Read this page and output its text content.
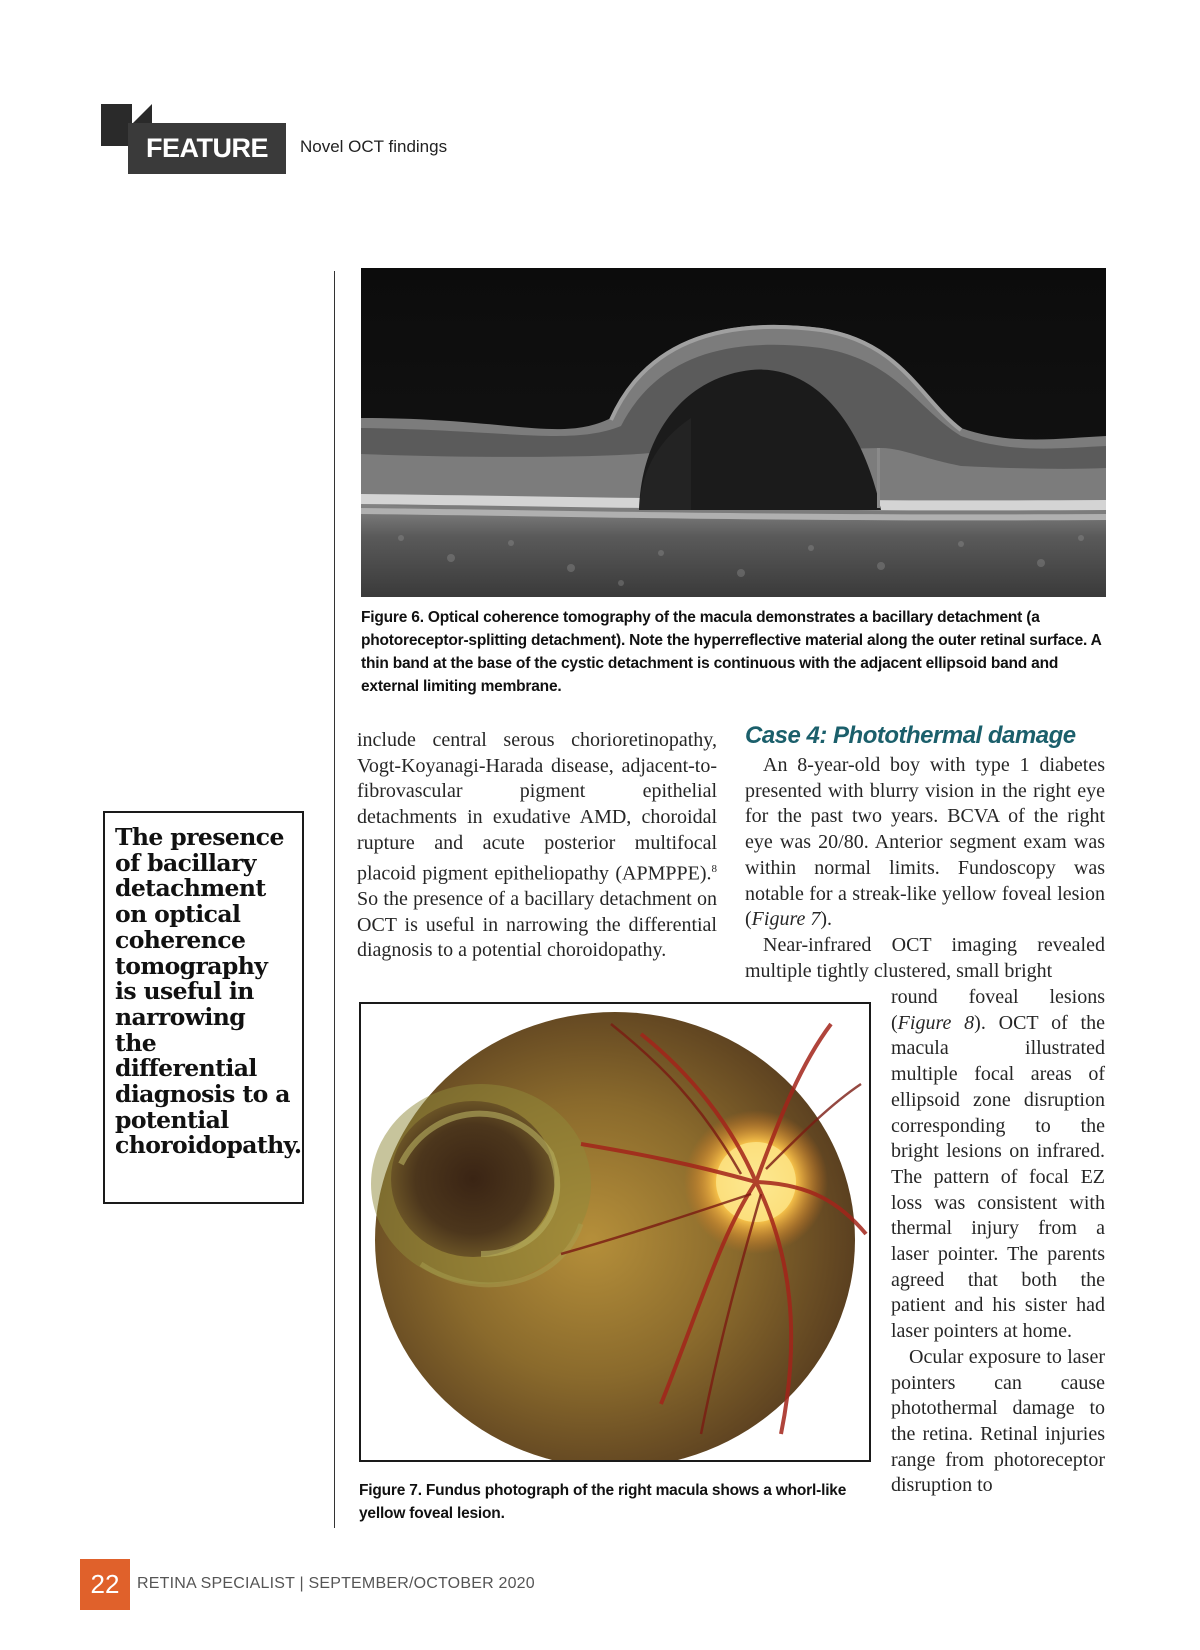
FEATURE	Novel OCT findings
Figure 6. Optical coherence tomography of the macula demonstrates a bacillary detachment (a photoreceptor-splitting detachment). Note the hyperreflective material along the outer retinal surface. A thin band at the base of the cystic detachment is continuous with the adjacent ellipsoid band and external limiting membrane.
The presence of bacillary detachment on optical coherence tomography is useful in narrowing the differential diagnosis to a potential choroidopathy.

include central serous chorioretinopathy, Vogt-Koyanagi-Harada disease, adjacent-to-fibrovascular pigment epithelial detachments in exudative AMD, choroidal rupture and acute posterior multifocal placoid pigment epitheliopathy (APMPPE).$^8$ So the presence of a bacillary detachment on OCT is useful in narrowing the differential diagnosis to a potential choroidopathy.

Case 4: Photothermal damage

An 8-year-old boy with type 1 diabetes presented with blurry vision in the right eye for the past two years. BCVA of the right eye was 20/80. Anterior segment exam was within normal limits. Fundoscopy was notable for a streak-like yellow foveal lesion (Figure 7).

Near-infrared OCT imaging revealed multiple tightly clustered, small bright

round foveal lesions (Figure 8). OCT of the macula illustrated multiple focal areas of ellipsoid zone disruption corresponding to the bright lesions on infrared. The pattern of focal EZ loss was consistent with thermal injury from a laser pointer. The parents agreed that both the patient and his sister had laser pointers at home.

Ocular exposure to laser pointers can cause photothermal damage to the retina. Retinal injuries range from photoreceptor disruption to

Figure 7. Fundus photograph of the right macula shows a whorl-like yellow foveal lesion.
22	RETINA SPECIALIST | SEPTEMBER/OCTOBER 2020
